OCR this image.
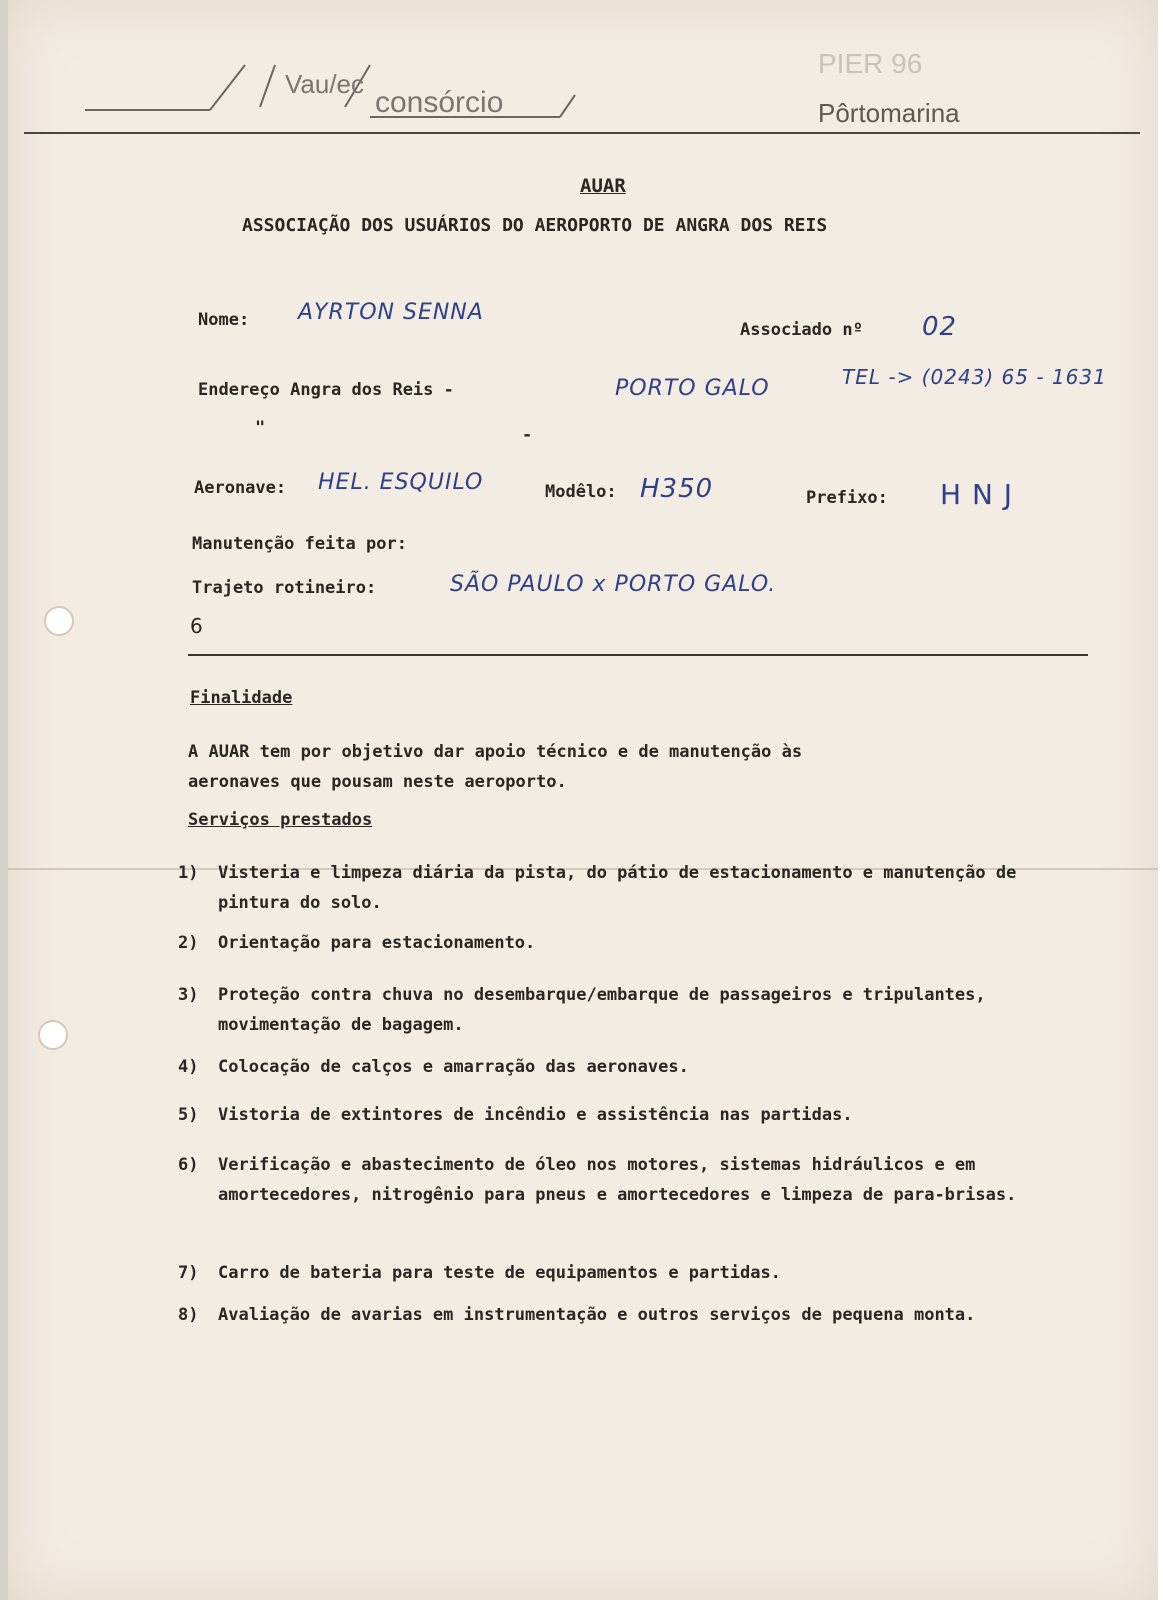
Vau/ec
consórcio
PIER 96
Pôrtomarina
AUAR
ASSOCIAÇÃO DOS USUÁRIOS DO AEROPORTO DE ANGRA DOS REIS
Nome: AYRTON SENNA
Associado nº 02
Endereço Angra dos Reis -	PORTO GALO	TEL -> (0243) 65 - 1631
"	-
Aeronave: HEL. ESQUILO	Modêlo: H350	Prefixo: H N J
Manutenção feita por:
Trajeto rotineiro:	SÃO PAULO x PORTO GALO.
6
Finalidade
A AUAR tem por objetivo dar apoio técnico e de manutenção às
aeronaves que pousam neste aeroporto.
Serviços prestados
1) Visteria e limpeza diária da pista, do pátio de estacionamento e manutenção de pintura do solo.
2) Orientação para estacionamento.
3) Proteção contra chuva no desembarque/embarque de passageiros e tripulantes, movimentação de bagagem.
4) Colocação de calços e amarração das aeronaves.
5) Vistoria de extintores de incêndio e assistência nas partidas.
6) Verificação e abastecimento de óleo nos motores, sistemas hidráulicos e em amortecedores, nitrogênio para pneus e amortecedores e limpeza de para-brisas.
7) Carro de bateria para teste de equipamentos e partidas.
8) Avaliação de avarias em instrumentação e outros serviços de pequena monta.
